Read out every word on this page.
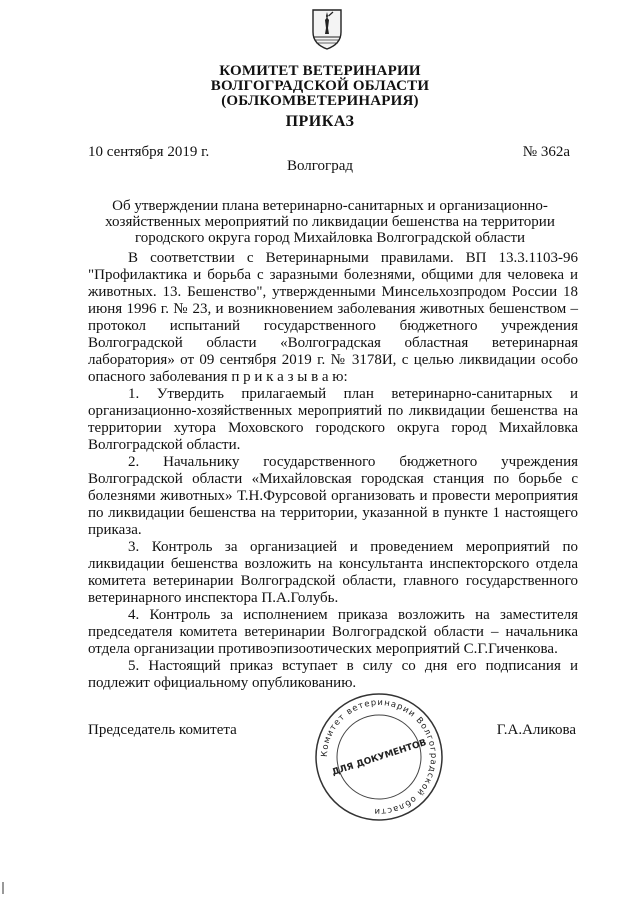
КОМИТЕТ ВЕТЕРИНАРИИ
ВОЛГОГРАДСКОЙ ОБЛАСТИ
(ОБЛКОМВЕТЕРИНАРИЯ)
ПРИКАЗ
10 сентября 2019 г.	№ 362а
Волгоград
Об утверждении плана ветеринарно-санитарных и организационно-хозяйственных мероприятий по ликвидации бешенства на территории городского округа город Михайловка Волгоградской области

В соответствии с Ветеринарными правилами. ВП 13.3.1103-96 "Профилактика и борьба с заразными болезнями, общими для человека и животных. 13. Бешенство", утвержденными Минсельхозпродом России 18 июня 1996 г. № 23, и возникновением заболевания животных бешенством – протокол испытаний государственного бюджетного учреждения Волгоградской области «Волгоградская областная ветеринарная лаборатория» от 09 сентября 2019 г. № 3178И, с целью ликвидации особо опасного заболевания п р и к а з ы в а ю:

1. Утвердить прилагаемый план ветеринарно-санитарных и организационно-хозяйственных мероприятий по ликвидации бешенства на территории хутора Моховского городского округа город Михайловка Волгоградской области.

2. Начальнику государственного бюджетного учреждения Волгоградской области «Михайловская городская станция по борьбе с болезнями животных» Т.Н.Фурсовой организовать и провести мероприятия по ликвидации бешенства на территории, указанной в пункте 1 настоящего приказа.

3. Контроль за организацией и проведением мероприятий по ликвидации бешенства возложить на консультанта инспекторского отдела комитета ветеринарии Волгоградской области, главного государственного ветеринарного инспектора П.А.Голубь.

4. Контроль за исполнением приказа возложить на заместителя председателя комитета ветеринарии Волгоградской области – начальника отдела организации противоэпизоотических мероприятий С.Г.Гиченкова.

5. Настоящий приказ вступает в силу со дня его подписания и подлежит официальному опубликованию.

Председатель комитета	Г.А.Аликова
Комитет ветеринарии Волгоградской области
ДЛЯ ДОКУМЕНТОВ
